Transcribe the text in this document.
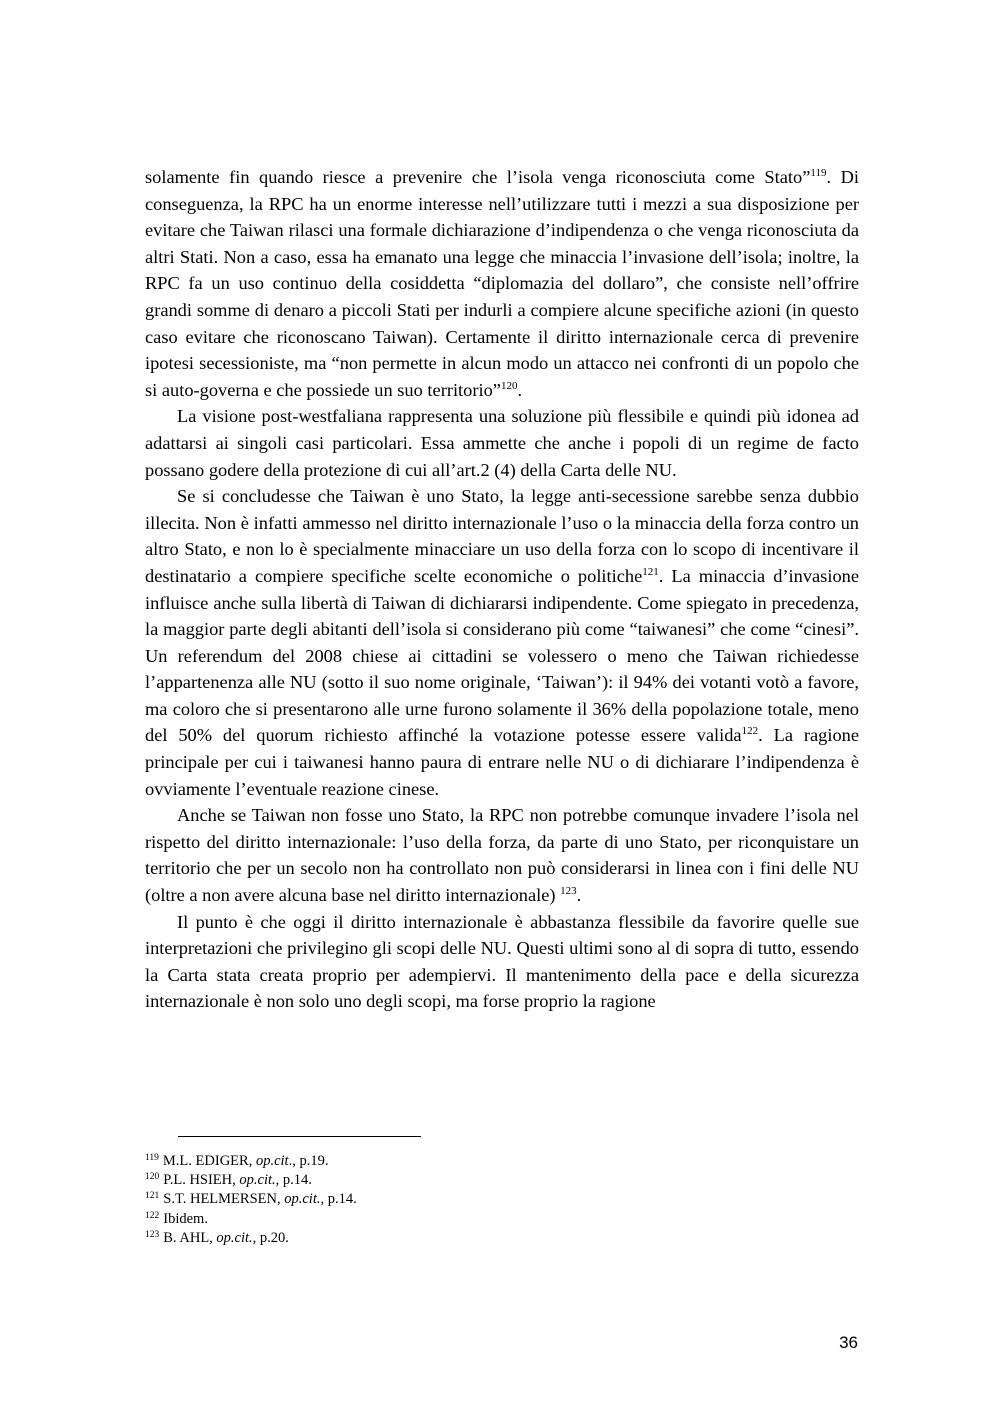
solamente fin quando riesce a prevenire che l’isola venga riconosciuta come Stato”$^{119}$. Di conseguenza, la RPC ha un enorme interesse nell’utilizzare tutti i mezzi a sua disposizione per evitare che Taiwan rilasci una formale dichiarazione d’indipendenza o che venga riconosciuta da altri Stati. Non a caso, essa ha emanato una legge che minaccia l’invasione dell’isola; inoltre, la RPC fa un uso continuo della cosiddetta “diplomazia del dollaro”, che consiste nell’offrire grandi somme di denaro a piccoli Stati per indurli a compiere alcune specifiche azioni (in questo caso evitare che riconoscano Taiwan). Certamente il diritto internazionale cerca di prevenire ipotesi secessioniste, ma “non permette in alcun modo un attacco nei confronti di un popolo che si auto-governa e che possiede un suo territorio”$^{120}$.

La visione post-westfaliana rappresenta una soluzione più flessibile e quindi più idonea ad adattarsi ai singoli casi particolari. Essa ammette che anche i popoli di un regime de facto possano godere della protezione di cui all’art.2 (4) della Carta delle NU.

Se si concludesse che Taiwan è uno Stato, la legge anti-secessione sarebbe senza dubbio illecita. Non è infatti ammesso nel diritto internazionale l’uso o la minaccia della forza contro un altro Stato, e non lo è specialmente minacciare un uso della forza con lo scopo di incentivare il destinatario a compiere specifiche scelte economiche o politiche$^{121}$. La minaccia d’invasione influisce anche sulla libertà di Taiwan di dichiararsi indipendente. Come spiegato in precedenza, la maggior parte degli abitanti dell’isola si considerano più come “taiwanesi” che come “cinesi”. Un referendum del 2008 chiese ai cittadini se volessero o meno che Taiwan richiedesse l’appartenenza alle NU (sotto il suo nome originale, ‘Taiwan’): il 94% dei votanti votò a favore, ma coloro che si presentarono alle urne furono solamente il 36% della popolazione totale, meno del 50% del quorum richiesto affinché la votazione potesse essere valida$^{122}$. La ragione principale per cui i taiwanesi hanno paura di entrare nelle NU o di dichiarare l’indipendenza è ovviamente l’eventuale reazione cinese.

Anche se Taiwan non fosse uno Stato, la RPC non potrebbe comunque invadere l’isola nel rispetto del diritto internazionale: l’uso della forza, da parte di uno Stato, per riconquistare un territorio che per un secolo non ha controllato non può considerarsi in linea con i fini delle NU (oltre a non avere alcuna base nel diritto internazionale) $^{123}$.

Il punto è che oggi il diritto internazionale è abbastanza flessibile da favorire quelle sue interpretazioni che privilegino gli scopi delle NU. Questi ultimi sono al di sopra di tutto, essendo la Carta stata creata proprio per adempiervi. Il mantenimento della pace e della sicurezza internazionale è non solo uno degli scopi, ma forse proprio la ragione

$^{119}$ M.L. EDIGER, op.cit., p.19.
$^{120}$ P.L. HSIEH, op.cit., p.14.
$^{121}$ S.T. HELMERSEN, op.cit., p.14.
$^{122}$ Ibidem.
$^{123}$ B. AHL, op.cit., p.20.
36
